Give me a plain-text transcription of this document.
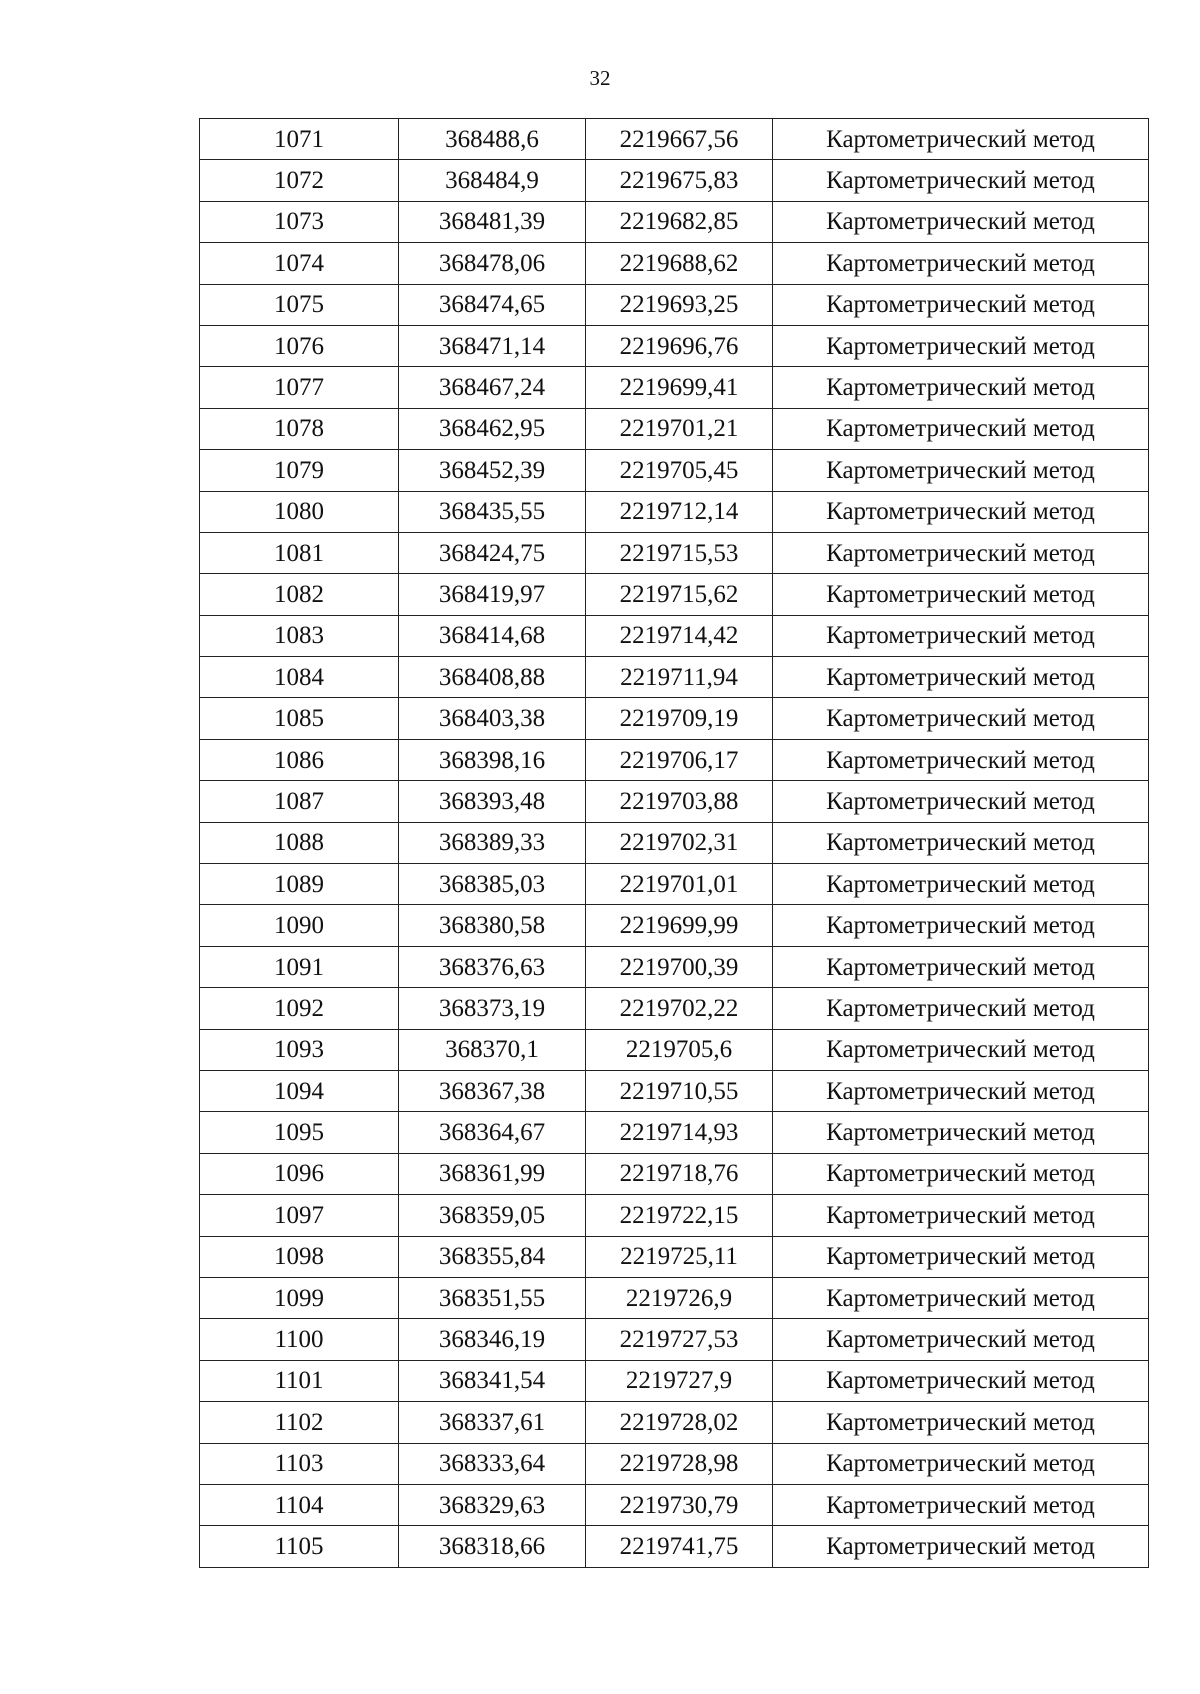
32
1071	368488,6	2219667,56	Картометрический метод
1072	368484,9	2219675,83	Картометрический метод
1073	368481,39	2219682,85	Картометрический метод
1074	368478,06	2219688,62	Картометрический метод
1075	368474,65	2219693,25	Картометрический метод
1076	368471,14	2219696,76	Картометрический метод
1077	368467,24	2219699,41	Картометрический метод
1078	368462,95	2219701,21	Картометрический метод
1079	368452,39	2219705,45	Картометрический метод
1080	368435,55	2219712,14	Картометрический метод
1081	368424,75	2219715,53	Картометрический метод
1082	368419,97	2219715,62	Картометрический метод
1083	368414,68	2219714,42	Картометрический метод
1084	368408,88	2219711,94	Картометрический метод
1085	368403,38	2219709,19	Картометрический метод
1086	368398,16	2219706,17	Картометрический метод
1087	368393,48	2219703,88	Картометрический метод
1088	368389,33	2219702,31	Картометрический метод
1089	368385,03	2219701,01	Картометрический метод
1090	368380,58	2219699,99	Картометрический метод
1091	368376,63	2219700,39	Картометрический метод
1092	368373,19	2219702,22	Картометрический метод
1093	368370,1	2219705,6	Картометрический метод
1094	368367,38	2219710,55	Картометрический метод
1095	368364,67	2219714,93	Картометрический метод
1096	368361,99	2219718,76	Картометрический метод
1097	368359,05	2219722,15	Картометрический метод
1098	368355,84	2219725,11	Картометрический метод
1099	368351,55	2219726,9	Картометрический метод
1100	368346,19	2219727,53	Картометрический метод
1101	368341,54	2219727,9	Картометрический метод
1102	368337,61	2219728,02	Картометрический метод
1103	368333,64	2219728,98	Картометрический метод
1104	368329,63	2219730,79	Картометрический метод
1105	368318,66	2219741,75	Картометрический метод
